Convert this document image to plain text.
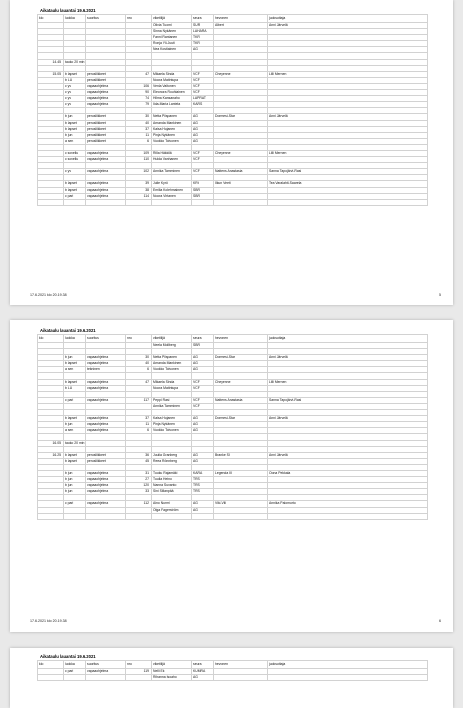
Aikataulu lauantai 19.6.2021
klo	luokka	suoritus	nro	viketilijä	seura	hevonen	juoksuttaja
				Olivia Tuomi	SUR	Albert	Anni Järvelä
				Sinna Nykänen	LAHARA		
				Fanni Rantanen	TKR		
				Ronja Yli-Juuti	TKR		
				Nea Kostiainen	AG		

14.45	tauko 20 min						

15.05	b lapset	perusliikkeet	47	Mikaela Sinda	VCF	Cheyenne	Lilli Mernen
	b LU	perusliikkeet		Noora Matintupa	VCF		
	c yv	vapaaohjelma	106	Venla Valtonen	VCF		
	c yv	vapaaohjelma	90	Eleonora Rouhiainen	VCF		
	c yv	vapaaohjelma	74	Hilma Kansanaho	LAPRAT		
	c yv	vapaaohjelma	79	Iida-Maria Lantela	KARS		

	b jun	perusliikkeet	30	Netta Piispanen	AG	Dormesi-Star	Anni Järvelä
	b lapset	perusliikkeet	40	Amanda Mankinen	AG		
	b lapset	perusliikkeet	37	Kaisa Hujanen	AG		
	b jun	perusliikkeet	11	Pinja Nykänen	AG		
	a sen	perusliikkeet	6	Vuokko Toivonen	AG		

	c sovellu	vapaaohjelma	109	Rilla Häkkilä	VCF	Cheyenne	Lilli Mernen
	c sovellu	vapaaohjelma	110	Hulda Vanhanen	VCF		

	c yv	vapaaohjelma	102	Annika Tamminen	VCF	Nattens Anastasia	Sanna Tapojärvi-Rasi

	b lapset	vapaaohjelma	39	Julie Kyrö	KRt	Ilkun Veeti	Tea Varalahti-Saarela
	b lapset	vapaaohjelma	38	Emilia Kolehmainen	SBR		
	c pari	vapaaohjelma	114	Noora Virtanen	SBR		

17.6.2021 klo 20.19.38	5
Aikataulu lauantai 19.6.2021
klo	luokka	suoritus	nro	viketilijä	seura	hevonen	juoksuttaja
				Neela Mollberg	SBR		

	b jun	vapaaohjelma	30	Netta Piispanen	AG	Dormesi-Star	Anni Järvelä
	b lapset	vapaaohjelma	40	Amanda Mankinen	AG		
	a sen	tekninen	6	Vuokko Toivonen	AG		

	b lapset	vapaaohjelma	47	Mikaela Sinda	VCF	Cheyenne	Lilli Mernen
	b LU	vapaaohjelma		Noora Matintupa	VCF		

	c pari	vapaaohjelma	117	Peppi Rasi	VCF	Nattens Anastasia	Sanna Tapojärvi-Rasi
				Annika Tamminen	VCF		

	b lapset	vapaaohjelma	37	Kaisa Hujanen	AG	Dormesi-Star	Anni Järvelä
	b jun	vapaaohjelma	11	Pinja Nykänen	AG		
	a sen	vapaaohjelma	6	Vuokko Toivonen	AG		

16.05	tauko 20 min						

16.25	b lapset	perusliikkeet	36	Juulia Granberg	AG	Branke SI	Anni Järvelä
	b lapset	perusliikkeet	45	Reea Rönnberg	AG		

	b jun	vapaaohjelma	31	Tuuku Rajamäki	KARA	Legenda III	Oona Pekkala
	b jun	vapaaohjelma	27	Tuulia Heino	TRS		
	b jun	vapaaohjelma	120	Nanna Suvanto	TRS		
	b jun	vapaaohjelma	33	Sini Sillanpää	TRS		

	c pari	vapaaohjelma	112	Aino Nurmi	AG	Viki-Vili	Annika Palomurto
				Olga Fagerström	AG		

17.6.2021 klo 20.19.38	6
Aikataulu lauantai 19.6.2021
klo	luokka	suoritus	nro	viketilijä	seura	hevonen	juoksuttaja
	c pari	vapaaohjelma	119	Nelli Ek	KUMRA		
				Rihanna Isoaho	AG		
